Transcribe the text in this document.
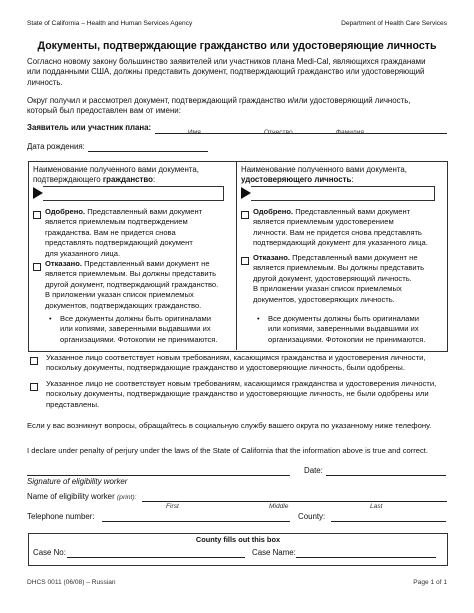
State of California – Health and Human Services Agency	Department of Health Care Services
Документы, подтверждающие гражданство или удостоверяющие личность
Согласно новому закону большинство заявителей или участников плана Medi-Cal, являющихся гражданами
или подданными США, должны представить документ, подтверждающий гражданство или удостоверяющий
личность.
Округ получил и рассмотрел документ, подтверждающий гражданство и/или удостоверяющий личность,
который был предоставлен вам от имени:
Заявитель или участник плана:
Имя	Отчество	Фамилия
Дата рождения:
Наименование полученного вами документа,
подтверждающего гражданство:
Одобрено. Представленный вами документ
является приемлемым подтверждением
гражданства. Вам не придется снова
представлять подтверждающий документ
для указанного лица.
Отказано. Представленный вами документ не
является приемлемым. Вы должны представить
другой документ, подтверждающий гражданство.
В приложении указан список приемлемых
документов, подтверждающих гражданство.
• Все документы должны быть оригиналами
или копиями, заверенными выдавшими их
организациями. Фотокопии не принимаются.
Наименование полученного вами документа,
удостоверяющего личность:
Одобрено. Представленный вами документ
является приемлемым удостоверением
личности. Вам не придется снова представлять
подтверждающий документ для указанного лица.
Отказано. Представленный вами документ не
является приемлемым. Вы должны представить
другой документ, удостоверяющий личность.
В приложении указан список приемлемых
документов, удостоверяющих личность.
• Все документы должны быть оригиналами
или копиями, заверенными выдавшими их
организациями. Фотокопии не принимаются.
Указанное лицо соответствует новым требованиям, касающимся гражданства и удостоверения личности,
поскольку документы, подтверждающие гражданство и удостоверяющие личность, были одобрены.
Указанное лицо не соответствует новым требованиям, касающимся гражданства и удостоверения личности,
поскольку документы, подтверждающие гражданство и удостоверяющие личность, не были одобрены или
представлены.
Если у вас возникнут вопросы, обращайтесь в социальную службу вашего округа по указанному ниже телефону.
I declare under penalty of perjury under the laws of the State of California that the information above is true and correct.
Date:
Signature of eligibility worker
Name of eligibility worker (print):
First	Middle	Last
Telephone number:	County:
County fills out this box
Case No:	Case Name:
DHCS 0011 (06/08) – Russian	Page 1 of 1
